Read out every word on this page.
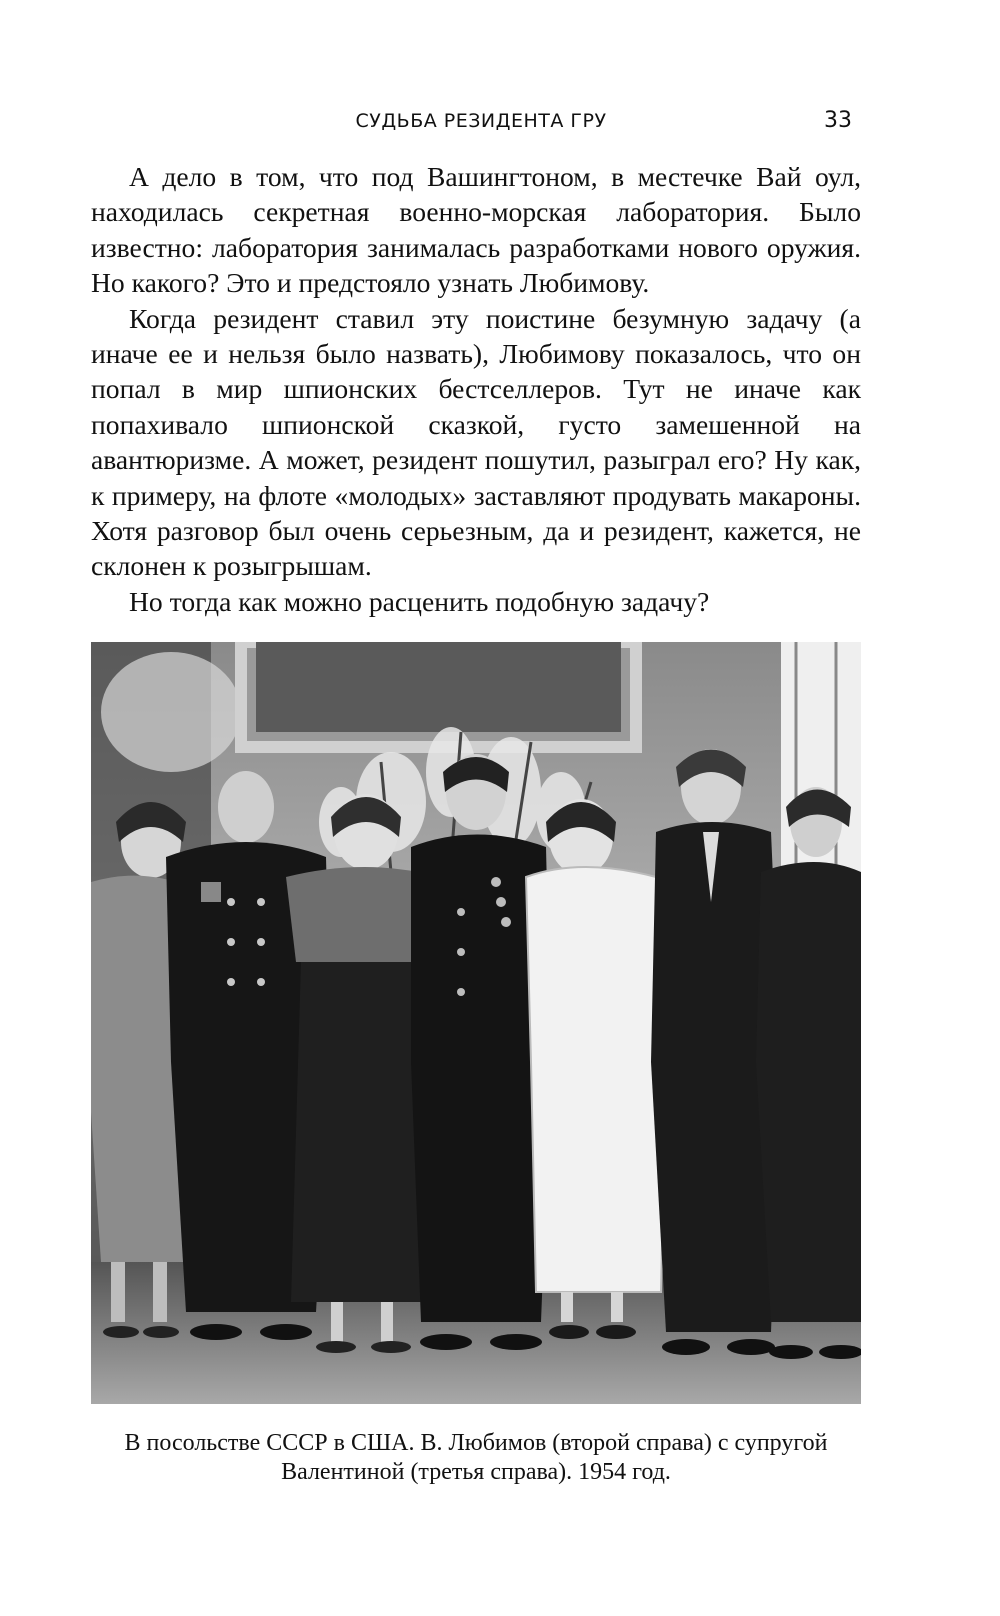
СУДЬБА РЕЗИДЕНТА ГРУ	33

А дело в том, что под Вашингтоном, в местечке Вай оул, находилась секретная военно-морская лаборатория. Было известно: лаборатория занималась разработками нового оружия. Но какого? Это и предстояло узнать Любимову.

Когда резидент ставил эту поистине безумную задачу (а иначе ее и нельзя было назвать), Любимову показалось, что он попал в мир шпионских бестселлеров. Тут не иначе как попахивало шпионской сказкой, густо замешенной на авантюризме. А может, резидент пошутил, разыграл его? Ну как, к примеру, на флоте «молодых» заставляют продувать макароны. Хотя разговор был очень серьезным, да и резидент, кажется, не склонен к розыгрышам.

Но тогда как можно расценить подобную задачу?

В посольстве СССР в США. В. Любимов (второй справа) с супругой Валентиной (третья справа). 1954 год.
